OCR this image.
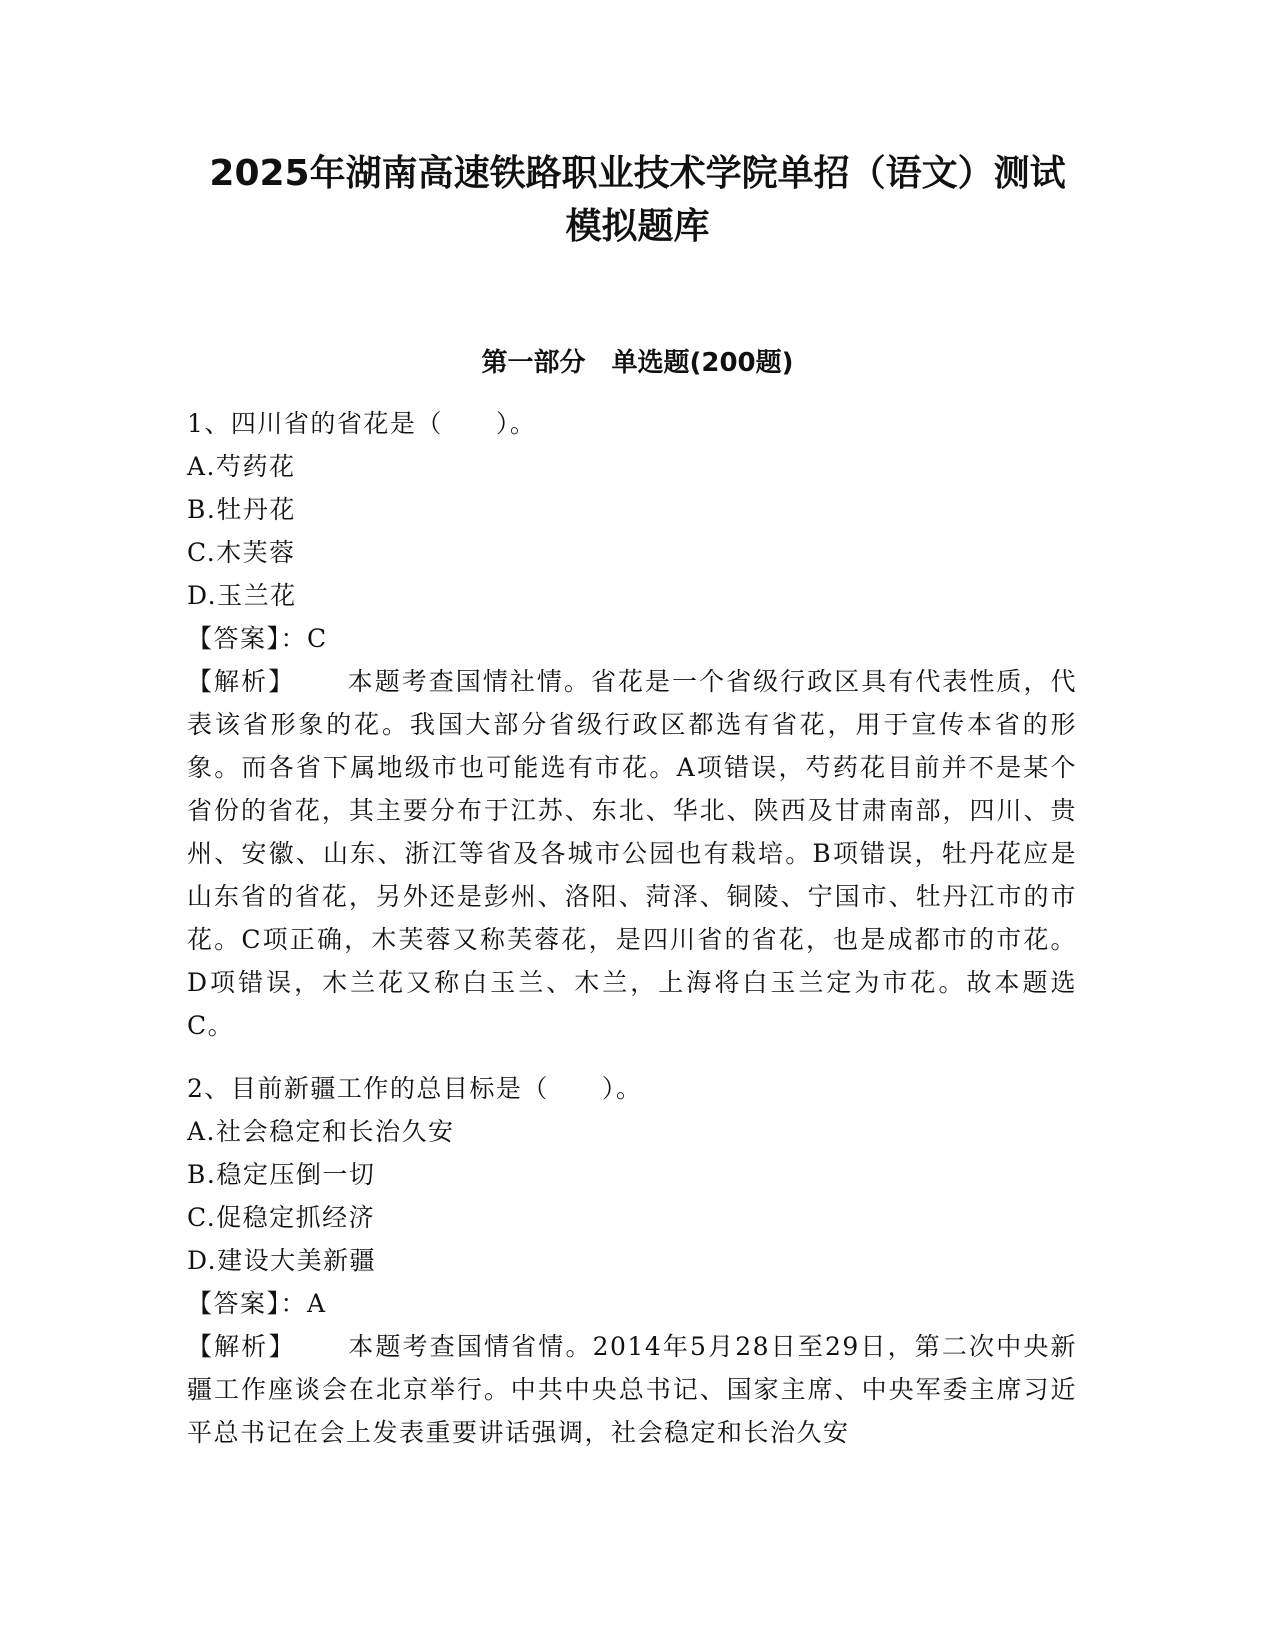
2025年湖南高速铁路职业技术学院单招（语文）测试
模拟题库
第一部分　单选题(200题)

1、四川省的省花是（　　）。

A.芍药花

B.牡丹花

C.木芙蓉

D.玉兰花

【答案】：C

【解析】 本题考查国情社情。省花是一个省级行政区具有代表性质，代表该省形象的花。我国大部分省级行政区都选有省花，用于宣传本省的形象。而各省下属地级市也可能选有市花。A项错误，芍药花目前并不是某个省份的省花，其主要分布于江苏、东北、华北、陕西及甘肃南部，四川、贵州、安徽、山东、浙江等省及各城市公园也有栽培。B项错误，牡丹花应是山东省的省花，另外还是彭州、洛阳、菏泽、铜陵、宁国市、牡丹江市的市花。C项正确，木芙蓉又称芙蓉花，是四川省的省花，也是成都市的市花。D项错误，木兰花又称白玉兰、木兰，上海将白玉兰定为市花。故本题选C。

2、目前新疆工作的总目标是（　　）。

A.社会稳定和长治久安

B.稳定压倒一切

C.促稳定抓经济

D.建设大美新疆

【答案】：A

【解析】 本题考查国情省情。2014年5月28日至29日，第二次中央新疆工作座谈会在北京举行。中共中央总书记、国家主席、中央军委主席习近平总书记在会上发表重要讲话强调，社会稳定和长治久安
